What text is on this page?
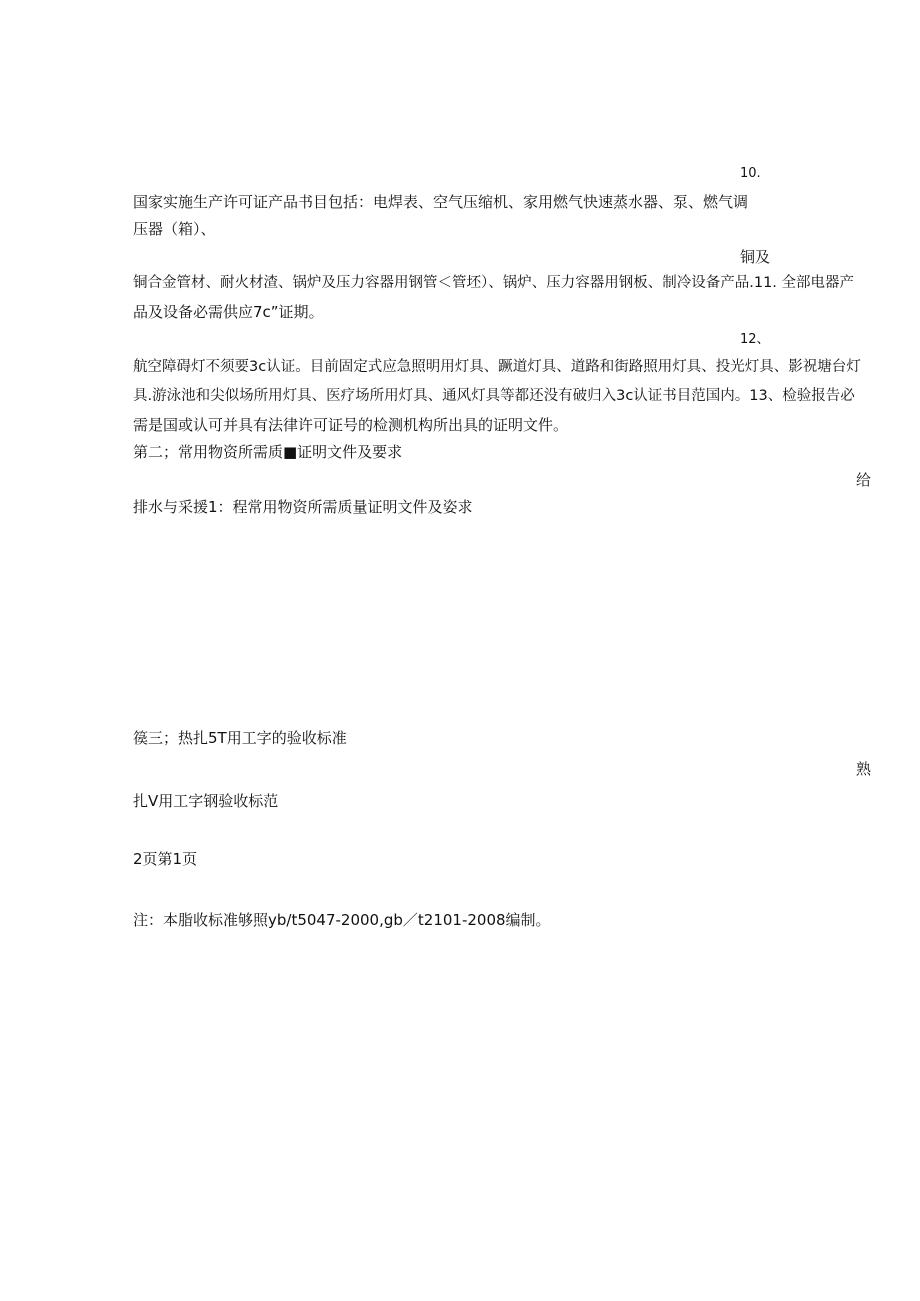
10.
国家实施生产许可证产品书目包括：电焊表、空气压缩机、家用燃气快速蒸水器、泵、燃气调
压器（箱）、
铜及
铜合金管材、耐火材渣、锅炉及压力容器用钢管＜管坯）、锅炉、压力容器用钢板、制冷设备产品.11. 全部电器产
品及设备必需供应7c”证期。
12、
航空障碍灯不须要3c认证。目前固定式应急照明用灯具、蹶道灯具、道路和街路照用灯具、投光灯具、影祝塘台灯
具.游泳池和尖似场所用灯具、医疗场所用灯具、通风灯具等都还没有破归入3c认证书目范国内。13、检验报告必
需是国或认可并具有法律许可证号的检测机构所出具的证明文件。
第二；常用物资所需质■证明文件及要求
给
排水与采援1：程常用物资所需质量证明文件及姿求
篌三；热扎5T用工字的验收标准
熟
扎V用工字钢验收标范
2页第1页
注：本脂收标准够照yb/t5047-2000,gb／t2101-2008编制。
